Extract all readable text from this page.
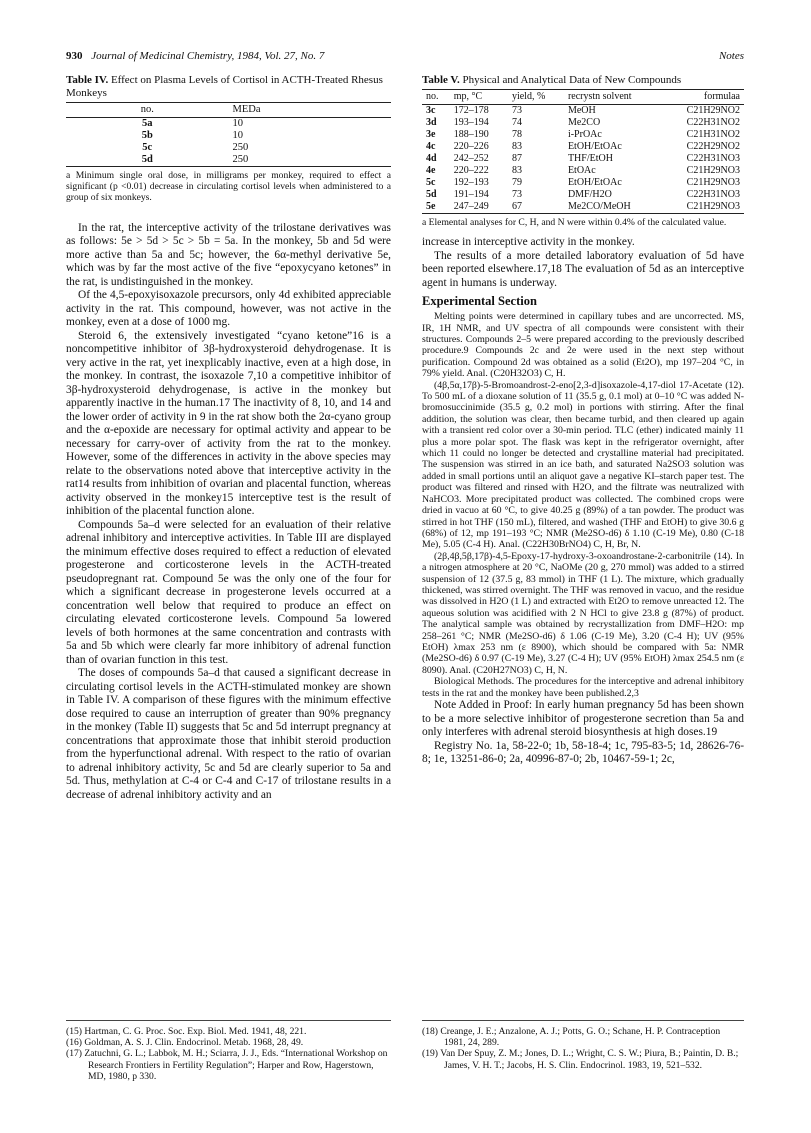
930 Journal of Medicinal Chemistry, 1984, Vol. 27, No. 7	Notes
Table IV. Effect on Plasma Levels of Cortisol in ACTH-Treated Rhesus Monkeys
no.	MEDa
5a	10
5b	10
5c	250
5d	250
a Minimum single oral dose, in milligrams per monkey, required to effect a significant (p <0.01) decrease in circulating cortisol levels when administered to a group of six monkeys.

In the rat, the interceptive activity of the trilostane derivatives was as follows: 5e > 5d > 5c > 5b = 5a. In the monkey, 5b and 5d were more active than 5a and 5c; however, the 6α-methyl derivative 5e, which was by far the most active of the five “epoxycyano ketones” in the rat, is undistinguished in the monkey.

Of the 4,5-epoxyisoxazole precursors, only 4d exhibited appreciable activity in the rat. This compound, however, was not active in the monkey, even at a dose of 1000 mg.

Steroid 6, the extensively investigated “cyano ketone”16 is a noncompetitive inhibitor of 3β-hydroxysteroid dehydrogenase. It is very active in the rat, yet inexplicably inactive, even at a high dose, in the monkey. In contrast, the isoxazole 7,10 a competitive inhibitor of 3β-hydroxysteroid dehydrogenase, is active in the monkey but apparently inactive in the human.17 The inactivity of 8, 10, and 14 and the lower order of activity in 9 in the rat show both the 2α-cyano group and the α-epoxide are necessary for optimal activity and appear to be necessary for carry-over of activity from the rat to the monkey. However, some of the differences in activity in the above species may relate to the observations noted above that interceptive activity in the rat14 results from inhibition of ovarian and placental function, whereas activity observed in the monkey15 interceptive test is the result of inhibition of the placental function alone.

Compounds 5a–d were selected for an evaluation of their relative adrenal inhibitory and interceptive activities. In Table III are displayed the minimum effective doses required to effect a reduction of elevated progesterone and corticosterone levels in the ACTH-treated pseudopregnant rat. Compound 5e was the only one of the four for which a significant decrease in progesterone levels occurred at a concentration well below that required to produce an effect on circulating elevated corticosterone levels. Compound 5a lowered levels of both hormones at the same concentration and contrasts with 5a and 5b which were clearly far more inhibitory of adrenal function than of ovarian function in this test.

The doses of compounds 5a–d that caused a significant decrease in circulating cortisol levels in the ACTH-stimulated monkey are shown in Table IV. A comparison of these figures with the minimum effective dose required to cause an interruption of greater than 90% pregnancy in the monkey (Table II) suggests that 5c and 5d interrupt pregnancy at concentrations that approximate those that inhibit steroid production from the hyperfunctional adrenal. With respect to the ratio of ovarian to adrenal inhibitory activity, 5c and 5d are clearly superior to 5a and 5d. Thus, methylation at C-4 or C-4 and C-17 of trilostane results in a decrease of adrenal inhibitory activity and an

Table V. Physical and Analytical Data of New Compounds
no.	mp, °C	yield, %	recrystn solvent	formulaa
3c	172–178	73	MeOH	C21H29NO2
3d	193–194	74	Me2CO	C22H31NO2
3e	188–190	78	i-PrOAc	C21H31NO2
4c	220–226	83	EtOH/EtOAc	C22H29NO2
4d	242–252	87	THF/EtOH	C22H31NO3
4e	220–222	83	EtOAc	C21H29NO3
5c	192–193	79	EtOH/EtOAc	C21H29NO3
5d	191–194	73	DMF/H2O	C22H31NO3
5e	247–249	67	Me2CO/MeOH	C21H29NO3
a Elemental analyses for C, H, and N were within 0.4% of the calculated value.

increase in interceptive activity in the monkey.

The results of a more detailed laboratory evaluation of 5d have been reported elsewhere.17,18 The evaluation of 5d as an interceptive agent in humans is underway.

Experimental Section

Melting points were determined in capillary tubes and are uncorrected. MS, IR, 1H NMR, and UV spectra of all compounds were consistent with their structures. Compounds 2–5 were prepared according to the previously described procedure.9 Compounds 2c and 2e were used in the next step without purification. Compound 2d was obtained as a solid (Et2O), mp 197–204 °C, in 79% yield. Anal. (C20H32O3) C, H.

(4β,5α,17β)-5-Bromoandrost-2-eno[2,3-d]isoxazole-4,17-diol 17-Acetate (12). To 500 mL of a dioxane solution of 11 (35.5 g, 0.1 mol) at 0–10 °C was added N-bromosuccinimide (35.5 g, 0.2 mol) in portions with stirring. After the final addition, the solution was clear, then became turbid, and then cleared up again with a transient red color over a 30-min period. TLC (ether) indicated mainly 11 plus a more polar spot. The flask was kept in the refrigerator overnight, after which 11 could no longer be detected and crystalline material had precipitated. The suspension was stirred in an ice bath, and saturated Na2SO3 solution was added in small portions until an aliquot gave a negative KI–starch paper test. The product was filtered and rinsed with H2O, and the filtrate was neutralized with NaHCO3. More precipitated product was collected. The combined crops were dried in vacuo at 60 °C, to give 40.25 g (89%) of a tan powder. The product was stirred in hot THF (150 mL), filtered, and washed (THF and EtOH) to give 30.6 g (68%) of 12, mp 191–193 °C; NMR (Me2SO-d6) δ 1.10 (C-19 Me), 0.80 (C-18 Me), 5.05 (C-4 H). Anal. (C22H30BrNO4) C, H, Br, N.

(2β,4β,5β,17β)-4,5-Epoxy-17-hydroxy-3-oxoandrostane-2-carbonitrile (14). In a nitrogen atmosphere at 20 °C, NaOMe (20 g, 270 mmol) was added to a stirred suspension of 12 (37.5 g, 83 mmol) in THF (1 L). The mixture, which gradually thickened, was stirred overnight. The THF was removed in vacuo, and the residue was dissolved in H2O (1 L) and extracted with Et2O to remove unreacted 12. The aqueous solution was acidified with 2 N HCl to give 23.8 g (87%) of product. The analytical sample was obtained by recrystallization from DMF–H2O: mp 258–261 °C; NMR (Me2SO-d6) δ 1.06 (C-19 Me), 3.20 (C-4 H); UV (95% EtOH) λmax 253 nm (ε 8900), which should be compared with 5a: NMR (Me2SO-d6) δ 0.97 (C-19 Me), 3.27 (C-4 H); UV (95% EtOH) λmax 254.5 nm (ε 8090). Anal. (C20H27NO3) C, H, N.

Biological Methods. The procedures for the interceptive and adrenal inhibitory tests in the rat and the monkey have been published.2,3

Note Added in Proof: In early human pregnancy 5d has been shown to be a more selective inhibitor of progesterone secretion than 5a and only interferes with adrenal steroid biosynthesis at high doses.19

Registry No. 1a, 58-22-0; 1b, 58-18-4; 1c, 795-83-5; 1d, 28626-76-8; 1e, 13251-86-0; 2a, 40996-87-0; 2b, 10467-59-1; 2c,

(15) Hartman, C. G. Proc. Soc. Exp. Biol. Med. 1941, 48, 221.

(16) Goldman, A. S. J. Clin. Endocrinol. Metab. 1968, 28, 49.

(17) Zatuchni, G. L.; Labbok, M. H.; Sciarra, J. J., Eds. “International Workshop on Research Frontiers in Fertility Regulation”; Harper and Row, Hagerstown, MD, 1980, p 330.

(18) Creange, J. E.; Anzalone, A. J.; Potts, G. O.; Schane, H. P. Contraception 1981, 24, 289.

(19) Van Der Spuy, Z. M.; Jones, D. L.; Wright, C. S. W.; Piura, B.; Paintin, D. B.; James, V. H. T.; Jacobs, H. S. Clin. Endocrinol. 1983, 19, 521–532.
